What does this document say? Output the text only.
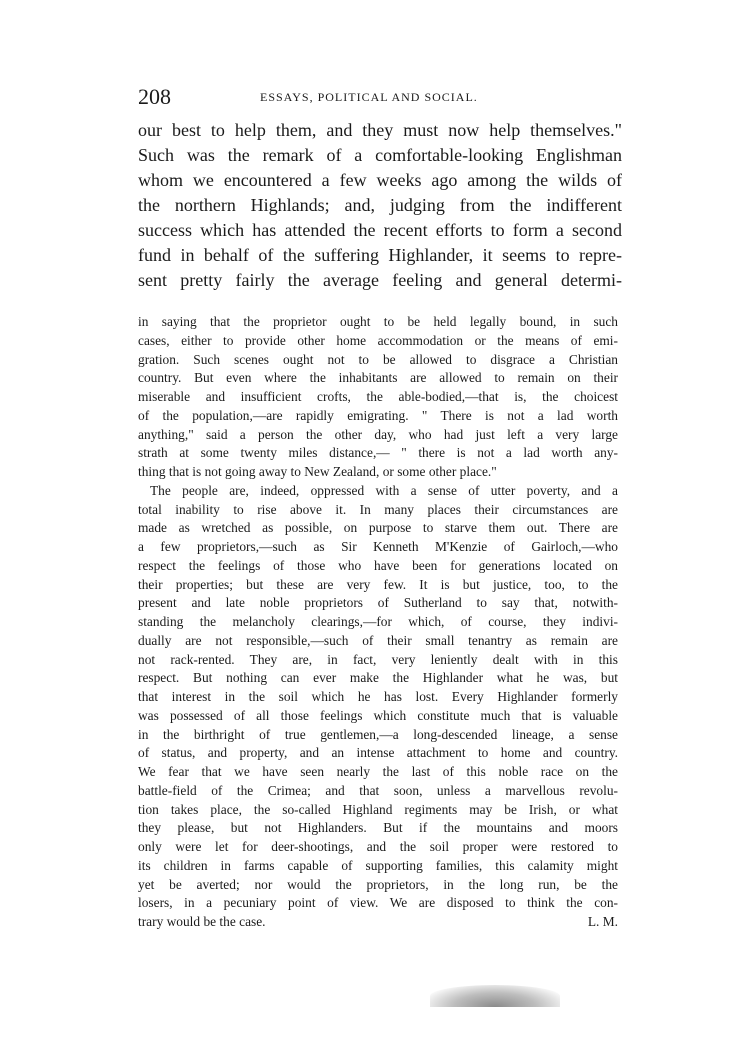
208	ESSAYS, POLITICAL AND SOCIAL.
our best to help them, and they must now help themselves."
Such was the remark of a comfortable-looking Englishman
whom we encountered a few weeks ago among the wilds of
the northern Highlands; and, judging from the indifferent
success which has attended the recent efforts to form a second
fund in behalf of the suffering Highlander, it seems to repre-
sent pretty fairly the average feeling and general determi-
in saying that the proprietor ought to be held legally bound, in such
cases, either to provide other home accommodation or the means of emi-
gration. Such scenes ought not to be allowed to disgrace a Christian
country. But even where the inhabitants are allowed to remain on their
miserable and insufficient crofts, the able-bodied,—that is, the choicest
of the population,—are rapidly emigrating. " There is not a lad worth
anything," said a person the other day, who had just left a very large
strath at some twenty miles distance,— " there is not a lad worth any-
thing that is not going away to New Zealand, or some other place."
The people are, indeed, oppressed with a sense of utter poverty, and a
total inability to rise above it. In many places their circumstances are
made as wretched as possible, on purpose to starve them out. There are
a few proprietors,—such as Sir Kenneth M'Kenzie of Gairloch,—who
respect the feelings of those who have been for generations located on
their properties; but these are very few. It is but justice, too, to the
present and late noble proprietors of Sutherland to say that, notwith-
standing the melancholy clearings,—for which, of course, they indivi-
dually are not responsible,—such of their small tenantry as remain are
not rack-rented. They are, in fact, very leniently dealt with in this
respect. But nothing can ever make the Highlander what he was, but
that interest in the soil which he has lost. Every Highlander formerly
was possessed of all those feelings which constitute much that is valuable
in the birthright of true gentlemen,—a long-descended lineage, a sense
of status, and property, and an intense attachment to home and country.
We fear that we have seen nearly the last of this noble race on the
battle-field of the Crimea; and that soon, unless a marvellous revolu-
tion takes place, the so-called Highland regiments may be Irish, or what
they please, but not Highlanders. But if the mountains and moors
only were let for deer-shootings, and the soil proper were restored to
its children in farms capable of supporting families, this calamity might
yet be averted; nor would the proprietors, in the long run, be the
losers, in a pecuniary point of view. We are disposed to think the con-
trary would be the case.	L. M.
